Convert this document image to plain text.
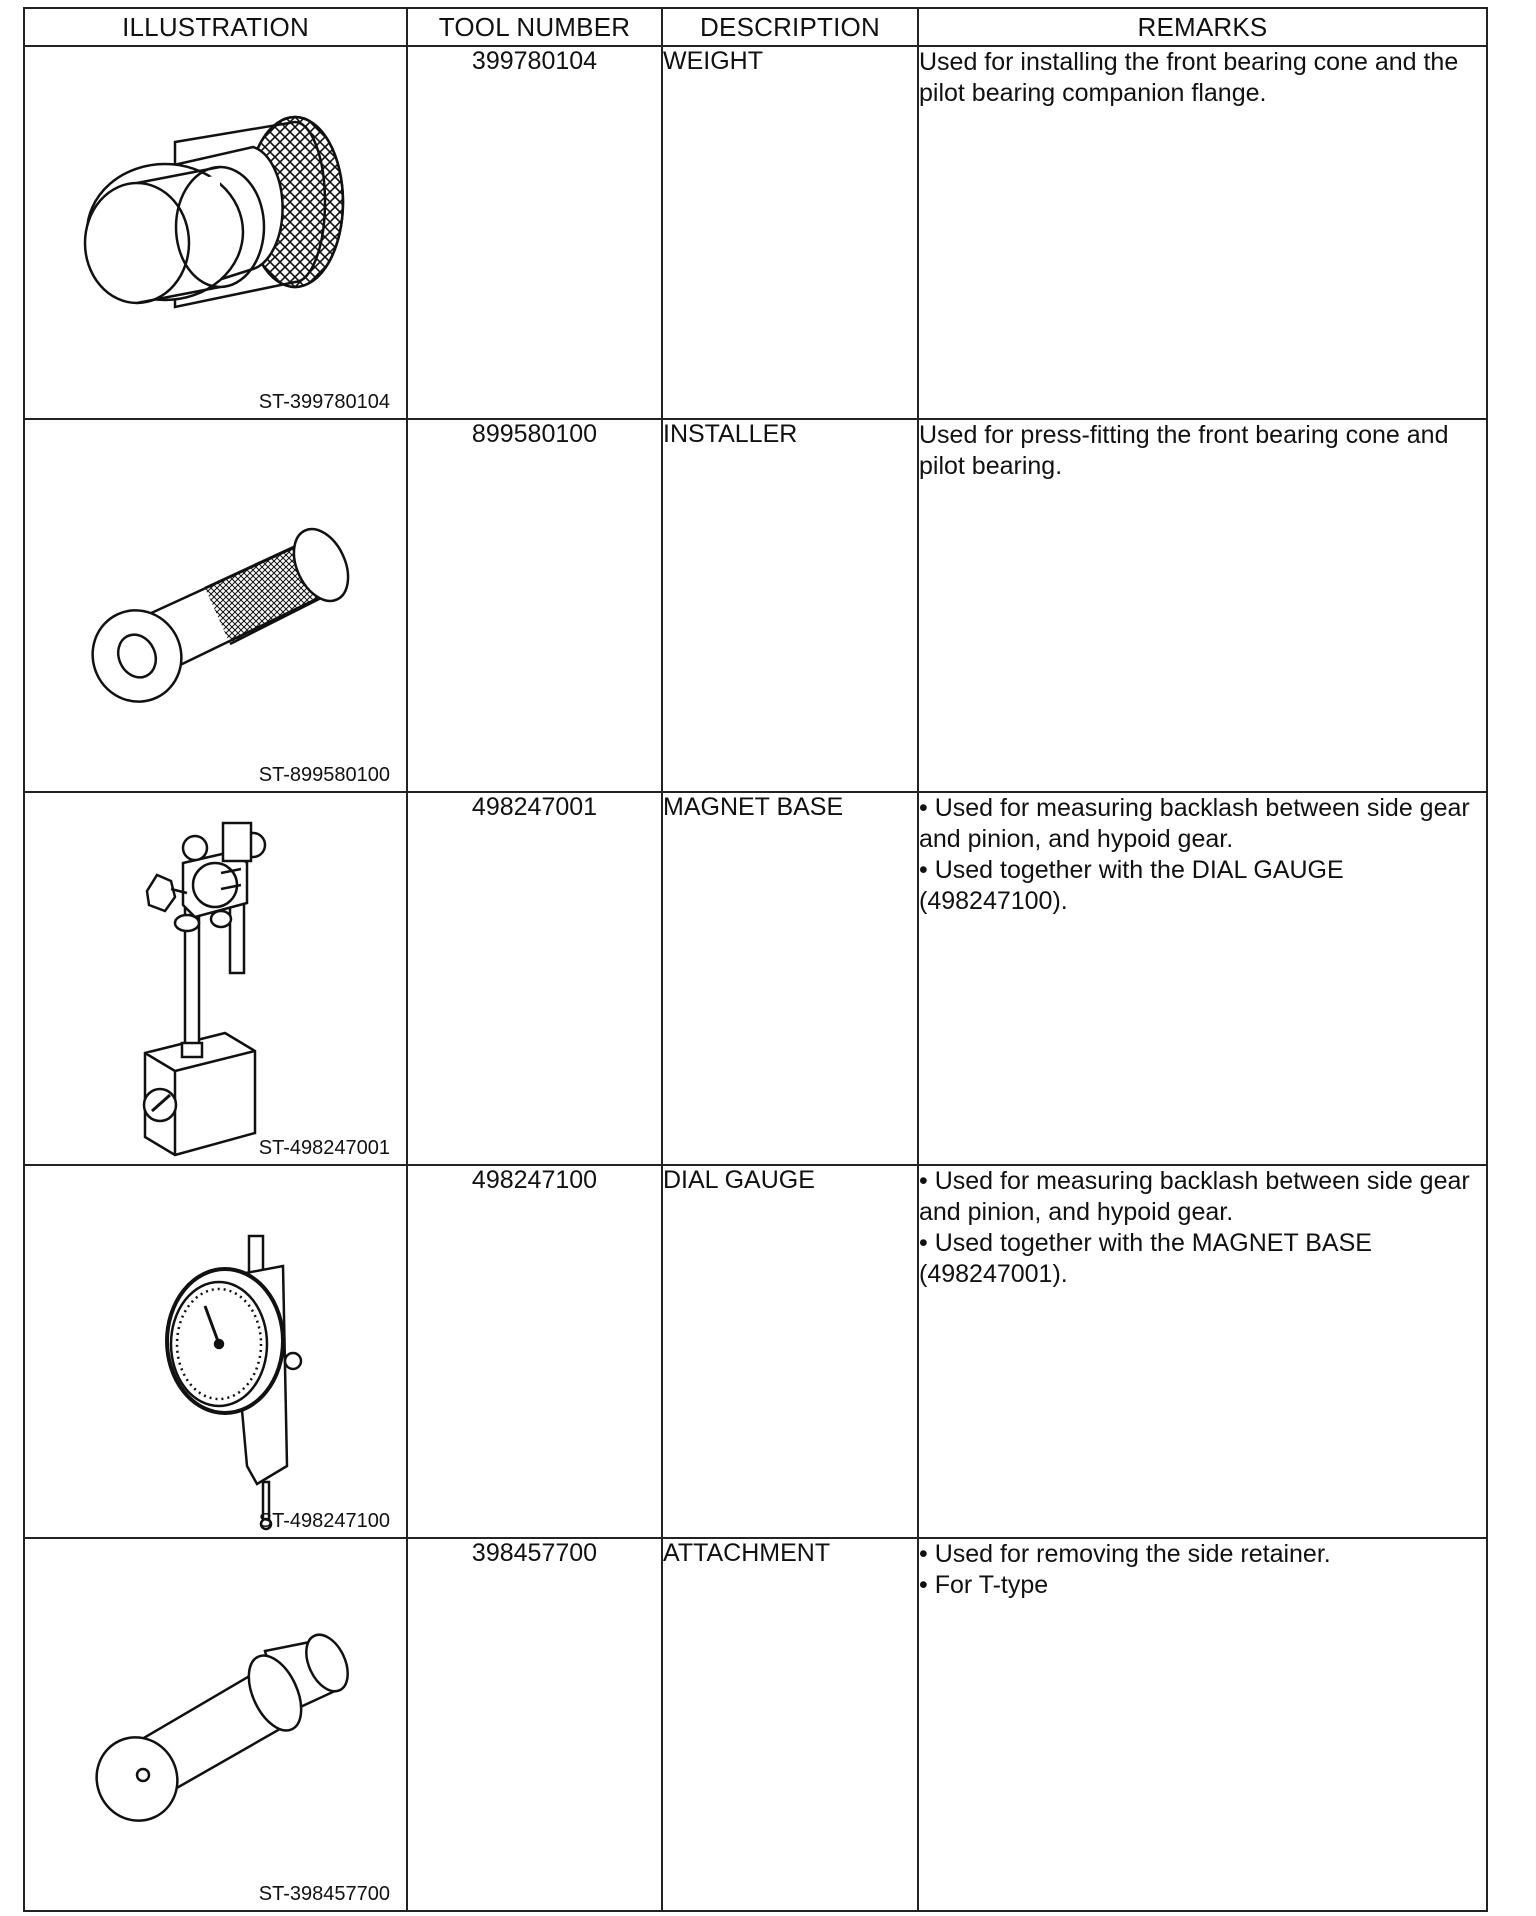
ILLUSTRATION	TOOL NUMBER	DESCRIPTION	REMARKS

ST-399780104	399780104	WEIGHT	Used for installing the front bearing cone and the pilot bearing companion flange.

ST-899580100	899580100	INSTALLER	Used for press-fitting the front bearing cone and pilot bearing.

ST-498247001	498247001	MAGNET BASE	• Used for measuring backlash between side gear and pinion, and hypoid gear.
• Used together with the DIAL GAUGE (498247100).

ST-498247100	498247100	DIAL GAUGE	• Used for measuring backlash between side gear and pinion, and hypoid gear.
• Used together with the MAGNET BASE (498247001).

ST-398457700	398457700	ATTACHMENT	• Used for removing the side retainer.
• For T-type
